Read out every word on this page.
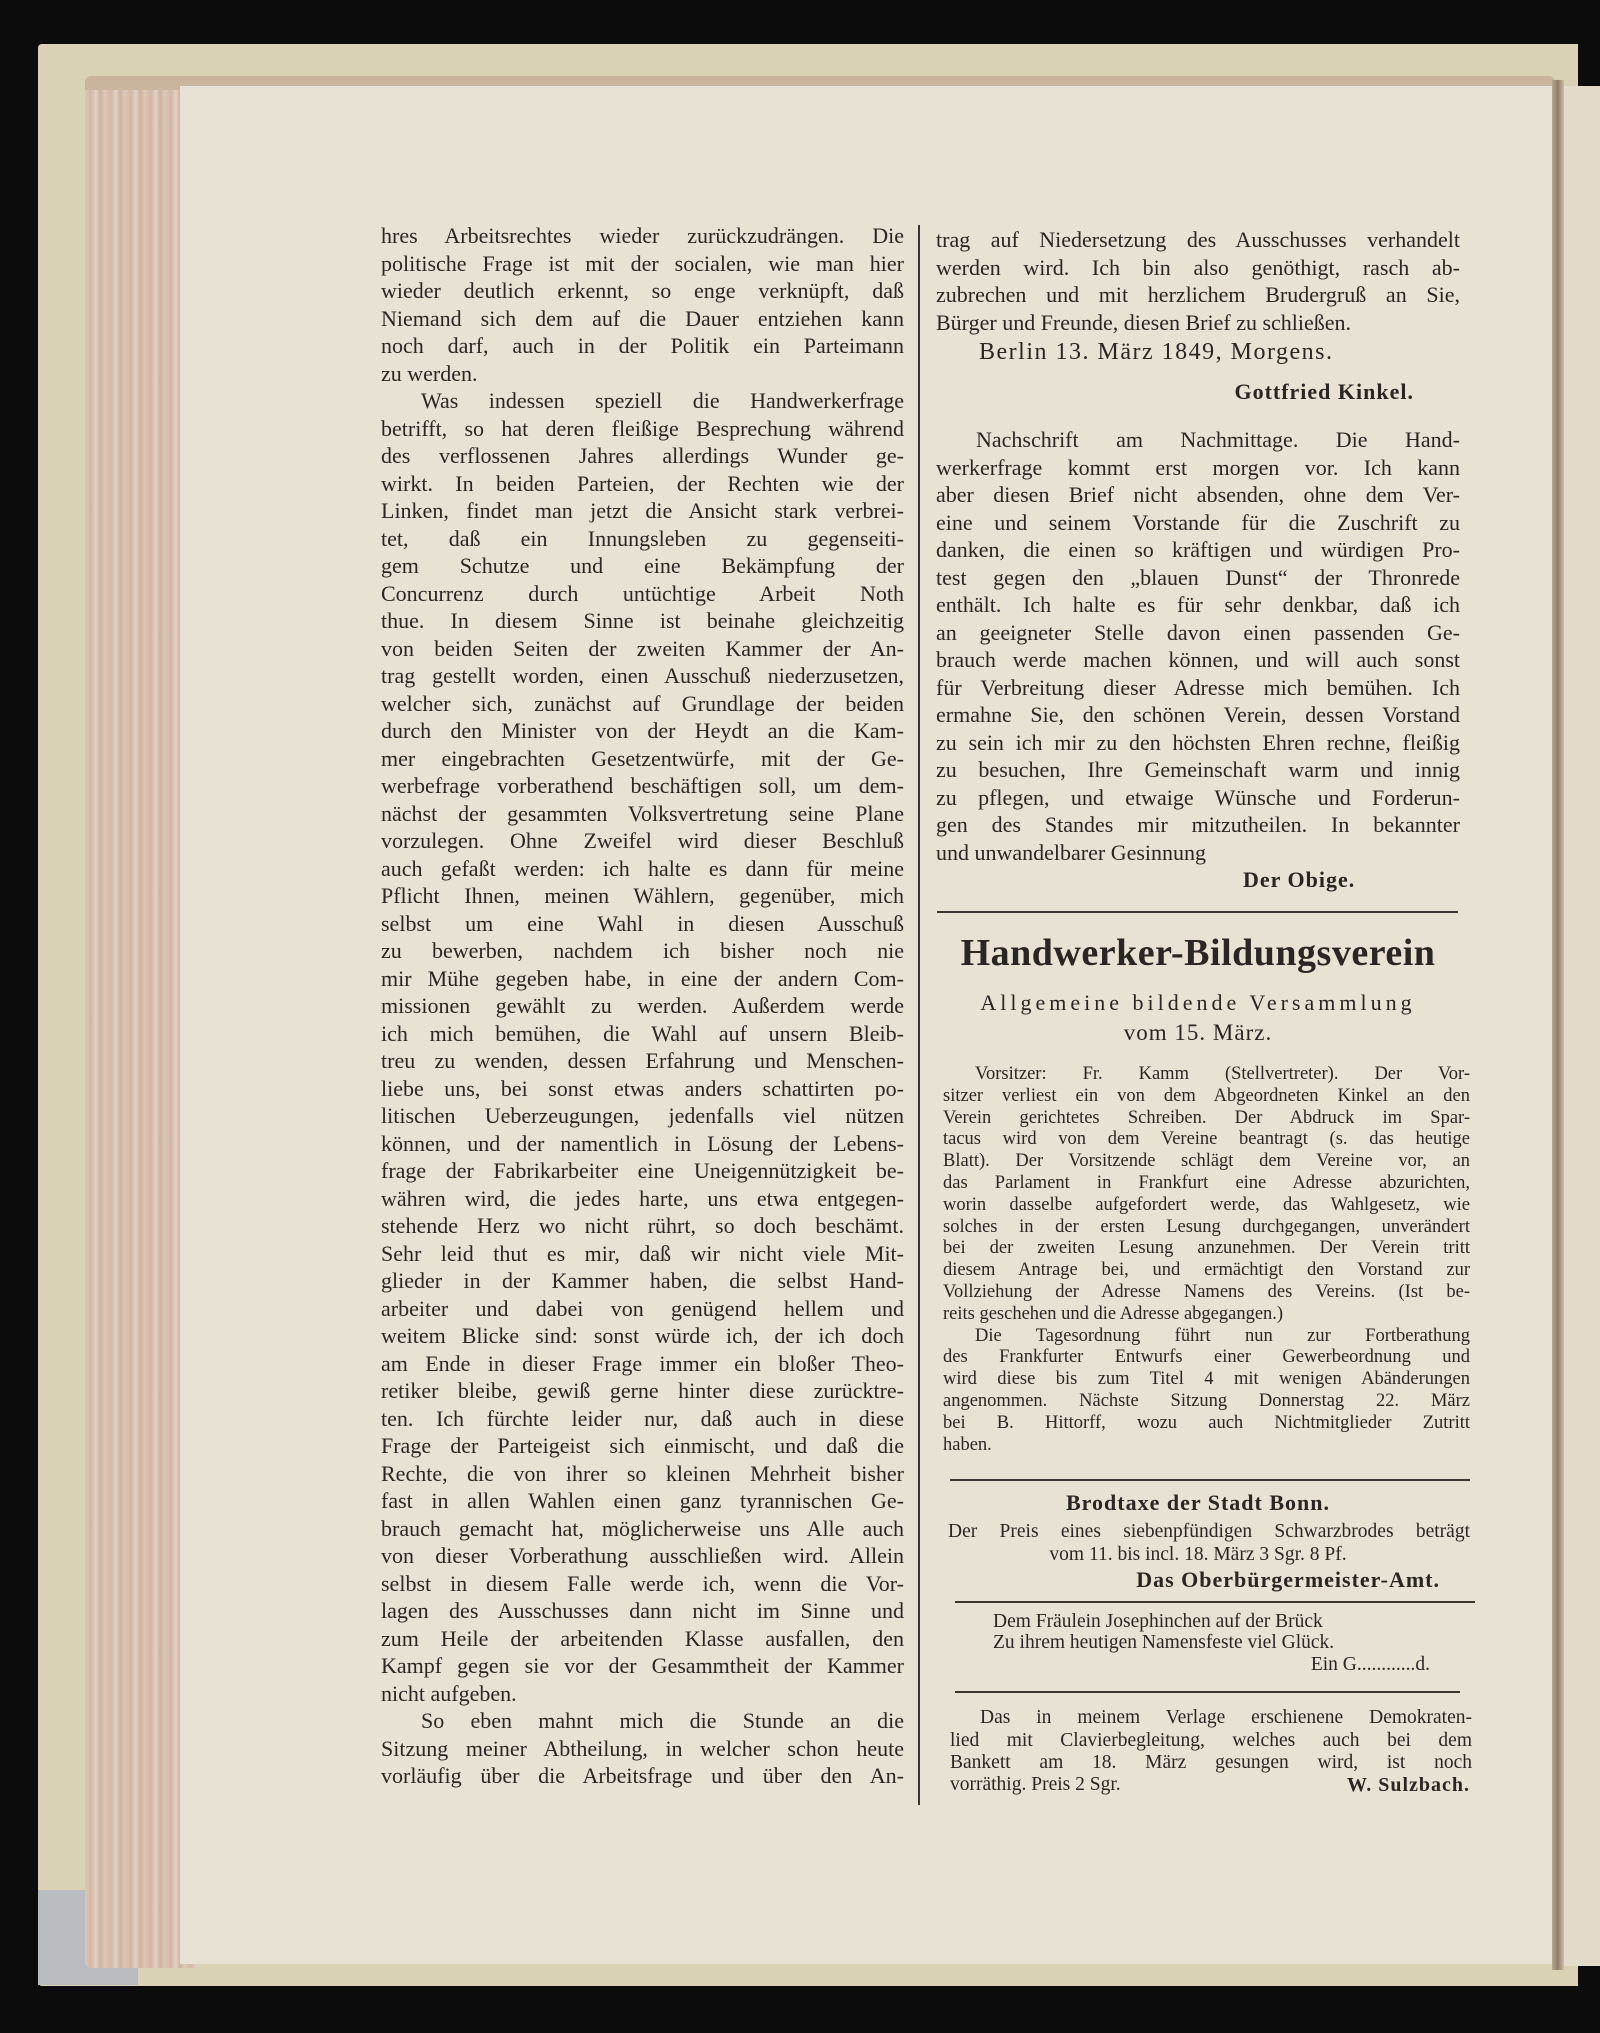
hres Arbeitsrechtes wieder zurückzudrängen. Die
politische Frage ist mit der socialen, wie man hier
wieder deutlich erkennt, so enge verknüpft, daß
Niemand sich dem auf die Dauer entziehen kann
noch darf, auch in der Politik ein Parteimann
zu werden.
Was indessen speziell die Handwerkerfrage
betrifft, so hat deren fleißige Besprechung während
des verflossenen Jahres allerdings Wunder ge-
wirkt. In beiden Parteien, der Rechten wie der
Linken, findet man jetzt die Ansicht stark verbrei-
tet, daß ein Innungsleben zu gegenseiti-
gem Schutze und eine Bekämpfung der
Concurrenz durch untüchtige Arbeit Noth
thue. In diesem Sinne ist beinahe gleichzeitig
von beiden Seiten der zweiten Kammer der An-
trag gestellt worden, einen Ausschuß niederzusetzen,
welcher sich, zunächst auf Grundlage der beiden
durch den Minister von der Heydt an die Kam-
mer eingebrachten Gesetzentwürfe, mit der Ge-
werbefrage vorberathend beschäftigen soll, um dem-
nächst der gesammten Volksvertretung seine Plane
vorzulegen. Ohne Zweifel wird dieser Beschluß
auch gefaßt werden: ich halte es dann für meine
Pflicht Ihnen, meinen Wählern, gegenüber, mich
selbst um eine Wahl in diesen Ausschuß
zu bewerben, nachdem ich bisher noch nie
mir Mühe gegeben habe, in eine der andern Com-
missionen gewählt zu werden. Außerdem werde
ich mich bemühen, die Wahl auf unsern Bleib-
treu zu wenden, dessen Erfahrung und Menschen-
liebe uns, bei sonst etwas anders schattirten po-
litischen Ueberzeugungen, jedenfalls viel nützen
können, und der namentlich in Lösung der Lebens-
frage der Fabrikarbeiter eine Uneigennützigkeit be-
währen wird, die jedes harte, uns etwa entgegen-
stehende Herz wo nicht rührt, so doch beschämt.
Sehr leid thut es mir, daß wir nicht viele Mit-
glieder in der Kammer haben, die selbst Hand-
arbeiter und dabei von genügend hellem und
weitem Blicke sind: sonst würde ich, der ich doch
am Ende in dieser Frage immer ein bloßer Theo-
retiker bleibe, gewiß gerne hinter diese zurücktre-
ten. Ich fürchte leider nur, daß auch in diese
Frage der Parteigeist sich einmischt, und daß die
Rechte, die von ihrer so kleinen Mehrheit bisher
fast in allen Wahlen einen ganz tyrannischen Ge-
brauch gemacht hat, möglicherweise uns Alle auch
von dieser Vorberathung ausschließen wird. Allein
selbst in diesem Falle werde ich, wenn die Vor-
lagen des Ausschusses dann nicht im Sinne und
zum Heile der arbeitenden Klasse ausfallen, den
Kampf gegen sie vor der Gesammtheit der Kammer
nicht aufgeben.
So eben mahnt mich die Stunde an die
Sitzung meiner Abtheilung, in welcher schon heute
vorläufig über die Arbeitsfrage und über den An-
trag auf Niedersetzung des Ausschusses verhandelt
werden wird. Ich bin also genöthigt, rasch ab-
zubrechen und mit herzlichem Brudergruß an Sie,
Bürger und Freunde, diesen Brief zu schließen.
Berlin 13. März 1849, Morgens.
Gottfried Kinkel.
Nachschrift am Nachmittage. Die Hand-
werkerfrage kommt erst morgen vor. Ich kann
aber diesen Brief nicht absenden, ohne dem Ver-
eine und seinem Vorstande für die Zuschrift zu
danken, die einen so kräftigen und würdigen Pro-
test gegen den „blauen Dunst“ der Thronrede
enthält. Ich halte es für sehr denkbar, daß ich
an geeigneter Stelle davon einen passenden Ge-
brauch werde machen können, und will auch sonst
für Verbreitung dieser Adresse mich bemühen. Ich
ermahne Sie, den schönen Verein, dessen Vorstand
zu sein ich mir zu den höchsten Ehren rechne, fleißig
zu besuchen, Ihre Gemeinschaft warm und innig
zu pflegen, und etwaige Wünsche und Forderun-
gen des Standes mir mitzutheilen. In bekannter
und unwandelbarer Gesinnung
Der Obige.
Handwerker-Bildungsverein
Allgemeine bildende Versammlung
vom 15. März.
Vorsitzer: Fr. Kamm (Stellvertreter). Der Vor-
sitzer verliest ein von dem Abgeordneten Kinkel an den
Verein gerichtetes Schreiben. Der Abdruck im Spar-
tacus wird von dem Vereine beantragt (s. das heutige
Blatt). Der Vorsitzende schlägt dem Vereine vor, an
das Parlament in Frankfurt eine Adresse abzurichten,
worin dasselbe aufgefordert werde, das Wahlgesetz, wie
solches in der ersten Lesung durchgegangen, unverändert
bei der zweiten Lesung anzunehmen. Der Verein tritt
diesem Antrage bei, und ermächtigt den Vorstand zur
Vollziehung der Adresse Namens des Vereins. (Ist be-
reits geschehen und die Adresse abgegangen.)
Die Tagesordnung führt nun zur Fortberathung
des Frankfurter Entwurfs einer Gewerbeordnung und
wird diese bis zum Titel 4 mit wenigen Abänderungen
angenommen. Nächste Sitzung Donnerstag 22. März
bei B. Hittorff, wozu auch Nichtmitglieder Zutritt
haben.
Brodtaxe der Stadt Bonn.
Der Preis eines siebenpfündigen Schwarzbrodes beträgt
vom 11. bis incl. 18. März 3 Sgr. 8 Pf.
Das Oberbürgermeister-Amt.
Dem Fräulein Josephinchen auf der Brück
Zu ihrem heutigen Namensfeste viel Glück.
Ein G............d.
Das in meinem Verlage erschienene Demokraten-
lied mit Clavierbegleitung, welches auch bei dem
Bankett am 18. März gesungen wird, ist noch
vorräthig. Preis 2 Sgr.	W. Sulzbach.
